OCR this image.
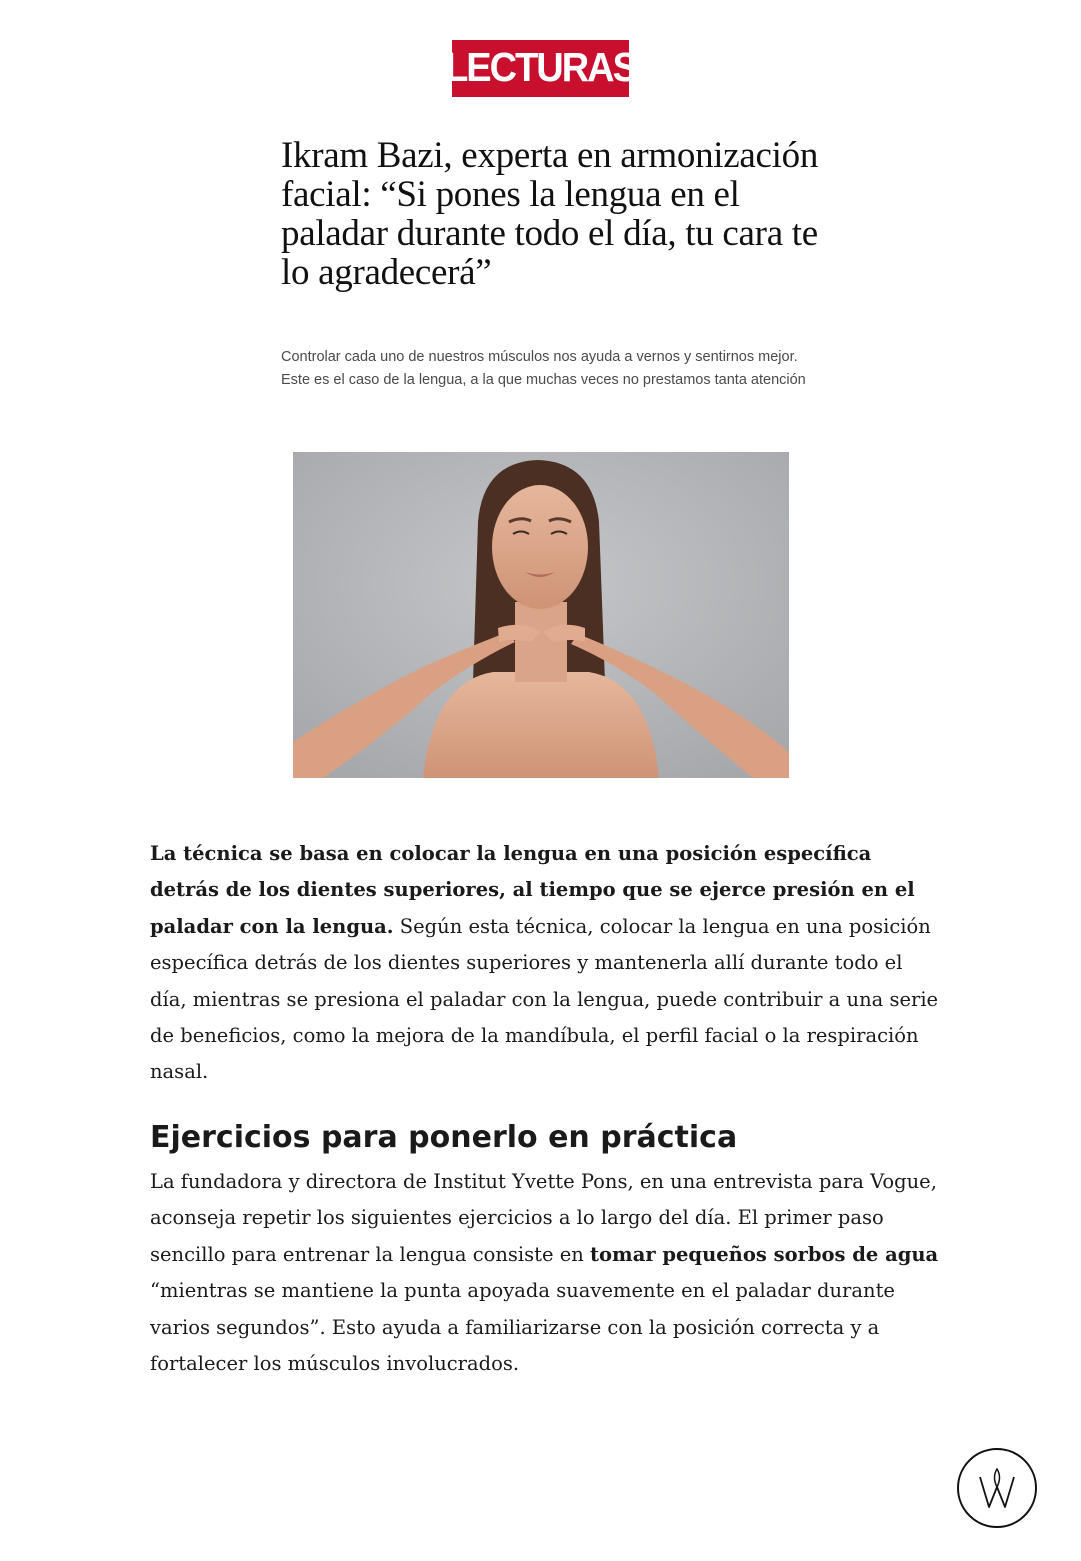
LECTURAS
Ikram Bazi, experta en armonización facial: “Si pones la lengua en el paladar durante todo el día, tu cara te lo agradecerá”

Controlar cada uno de nuestros músculos nos ayuda a vernos y sentirnos mejor. Este es el caso de la lengua, a la que muchas veces no prestamos tanta atención

La técnica se basa en colocar la lengua en una posición específica detrás de los dientes superiores, al tiempo que se ejerce presión en el paladar con la lengua. Según esta técnica, colocar la lengua en una posición específica detrás de los dientes superiores y mantenerla allí durante todo el día, mientras se presiona el paladar con la lengua, puede contribuir a una serie de beneficios, como la mejora de la mandíbula, el perfil facial o la respiración nasal.

Ejercicios para ponerlo en práctica

La fundadora y directora de Institut Yvette Pons, en una entrevista para Vogue, aconseja repetir los siguientes ejercicios a lo largo del día. El primer paso sencillo para entrenar la lengua consiste en tomar pequeños sorbos de agua “mientras se mantiene la punta apoyada suavemente en el paladar durante varios segundos”. Esto ayuda a familiarizarse con la posición correcta y a fortalecer los músculos involucrados.
